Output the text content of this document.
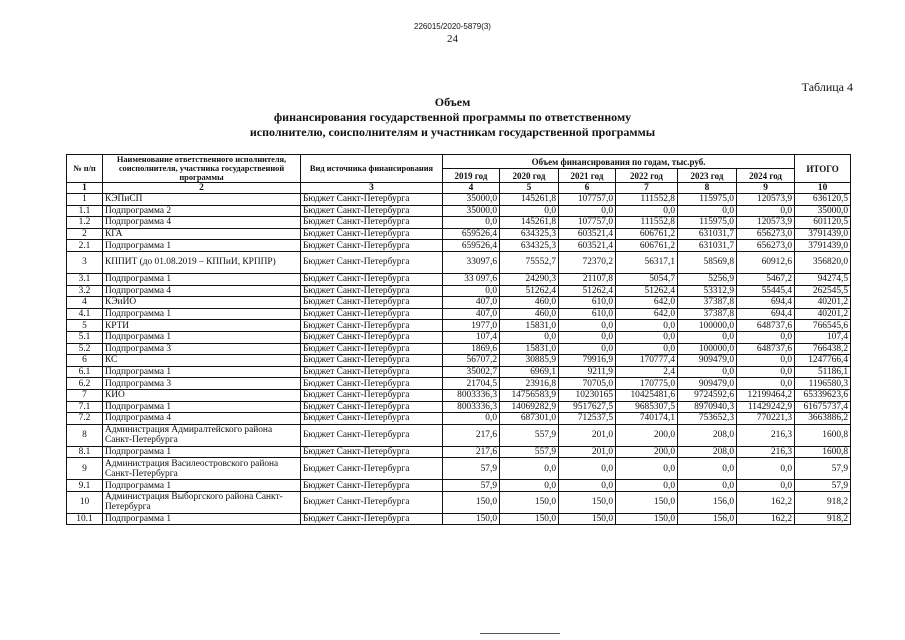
226015/2020-5879(3)
24
Таблица 4
Объем
финансирования государственной программы по ответственному
исполнителю, соисполнителям и участникам государственной программы
№ п/п	Наименование ответственного исполнителя, соисполнителя, участника государственной программы	Вид источника финансирования	Объем финансирования по годам, тыс.руб.						ИТОГО
			2019 год	2020 год	2021 год	2022 год	2023 год	2024 год	
1	2	3	4	5	6	7	8	9	10
1	КЭПиСП	Бюджет Санкт-Петербурга	35000,0	145261,8	107757,0	111552,8	115975,0	120573,9	636120,5
1.1	Подпрограмма 2	Бюджет Санкт-Петербурга	35000,0	0,0	0,0	0,0	0,0	0,0	35000,0
1.2	Подпрограмма 4	Бюджет Санкт-Петербурга	0,0	145261,8	107757,0	111552,8	115975,0	120573,9	601120,5
2	КГА	Бюджет Санкт-Петербурга	659526,4	634325,3	603521,4	606761,2	631031,7	656273,0	3791439,0
2.1	Подпрограмма 1	Бюджет Санкт-Петербурга	659526,4	634325,3	603521,4	606761,2	631031,7	656273,0	3791439,0
3	КППИТ (до 01.08.2019 – КППиИ, КРППР)	Бюджет Санкт-Петербурга	33097,6	75552,7	72370,2	56317,1	58569,8	60912,6	356820,0
3.1	Подпрограмма 1	Бюджет Санкт-Петербурга	33 097,6	24290,3	21107,8	5054,7	5256,9	5467,2	94274,5
3.2	Подпрограмма 4	Бюджет Санкт-Петербурга	0,0	51262,4	51262,4	51262,4	53312,9	55445,4	262545,5
4	КЭиИО	Бюджет Санкт-Петербурга	407,0	460,0	610,0	642,0	37387,8	694,4	40201,2
4.1	Подпрограмма 1	Бюджет Санкт-Петербурга	407,0	460,0	610,0	642,0	37387,8	694,4	40201,2
5	КРТИ	Бюджет Санкт-Петербурга	1977,0	15831,0	0,0	0,0	100000,0	648737,6	766545,6
5.1	Подпрограмма 1	Бюджет Санкт-Петербурга	107,4	0,0	0,0	0,0	0,0	0,0	107,4
5.2	Подпрограмма 3	Бюджет Санкт-Петербурга	1869,6	15831,0	0,0	0,0	100000,0	648737,6	766438,2
6	КС	Бюджет Санкт-Петербурга	56707,2	30885,9	79916,9	170777,4	909479,0	0,0	1247766,4
6.1	Подпрограмма 1	Бюджет Санкт-Петербурга	35002,7	6969,1	9211,9	2,4	0,0	0,0	51186,1
6.2	Подпрограмма 3	Бюджет Санкт-Петербурга	21704,5	23916,8	70705,0	170775,0	909479,0	0,0	1196580,3
7	КИО	Бюджет Санкт-Петербурга	8003336,3	14756583,9	10230165	10425481,6	9724592,6	12199464,2	65339623,6
7.1	Подпрограмма 1	Бюджет Санкт-Петербурга	8003336,3	14069282,9	9517627,5	9685307,5	8970940,3	11429242,9	61675737,4
7.2	Подпрограмма 4	Бюджет Санкт-Петербурга	0,0	687301,0	712537,5	740174,1	753652,3	770221,3	3663886,2
8	Администрация Адмиралтейского района Санкт-Петербурга	Бюджет Санкт-Петербурга	217,6	557,9	201,0	200,0	208,0	216,3	1600,8
8.1	Подпрограмма 1	Бюджет Санкт-Петербурга	217,6	557,9	201,0	200,0	208,0	216,3	1600,8
9	Администрация Василеостровского района Санкт-Петербурга	Бюджет Санкт-Петербурга	57,9	0,0	0,0	0,0	0,0	0,0	57,9
9.1	Подпрограмма 1	Бюджет Санкт-Петербурга	57,9	0,0	0,0	0,0	0,0	0,0	57,9
10	Администрация Выборгского района Санкт-Петербурга	Бюджет Санкт-Петербурга	150,0	150,0	150,0	150,0	156,0	162,2	918,2
10.1	Подпрограмма 1	Бюджет Санкт-Петербурга	150,0	150,0	150,0	150,0	156,0	162,2	918,2
